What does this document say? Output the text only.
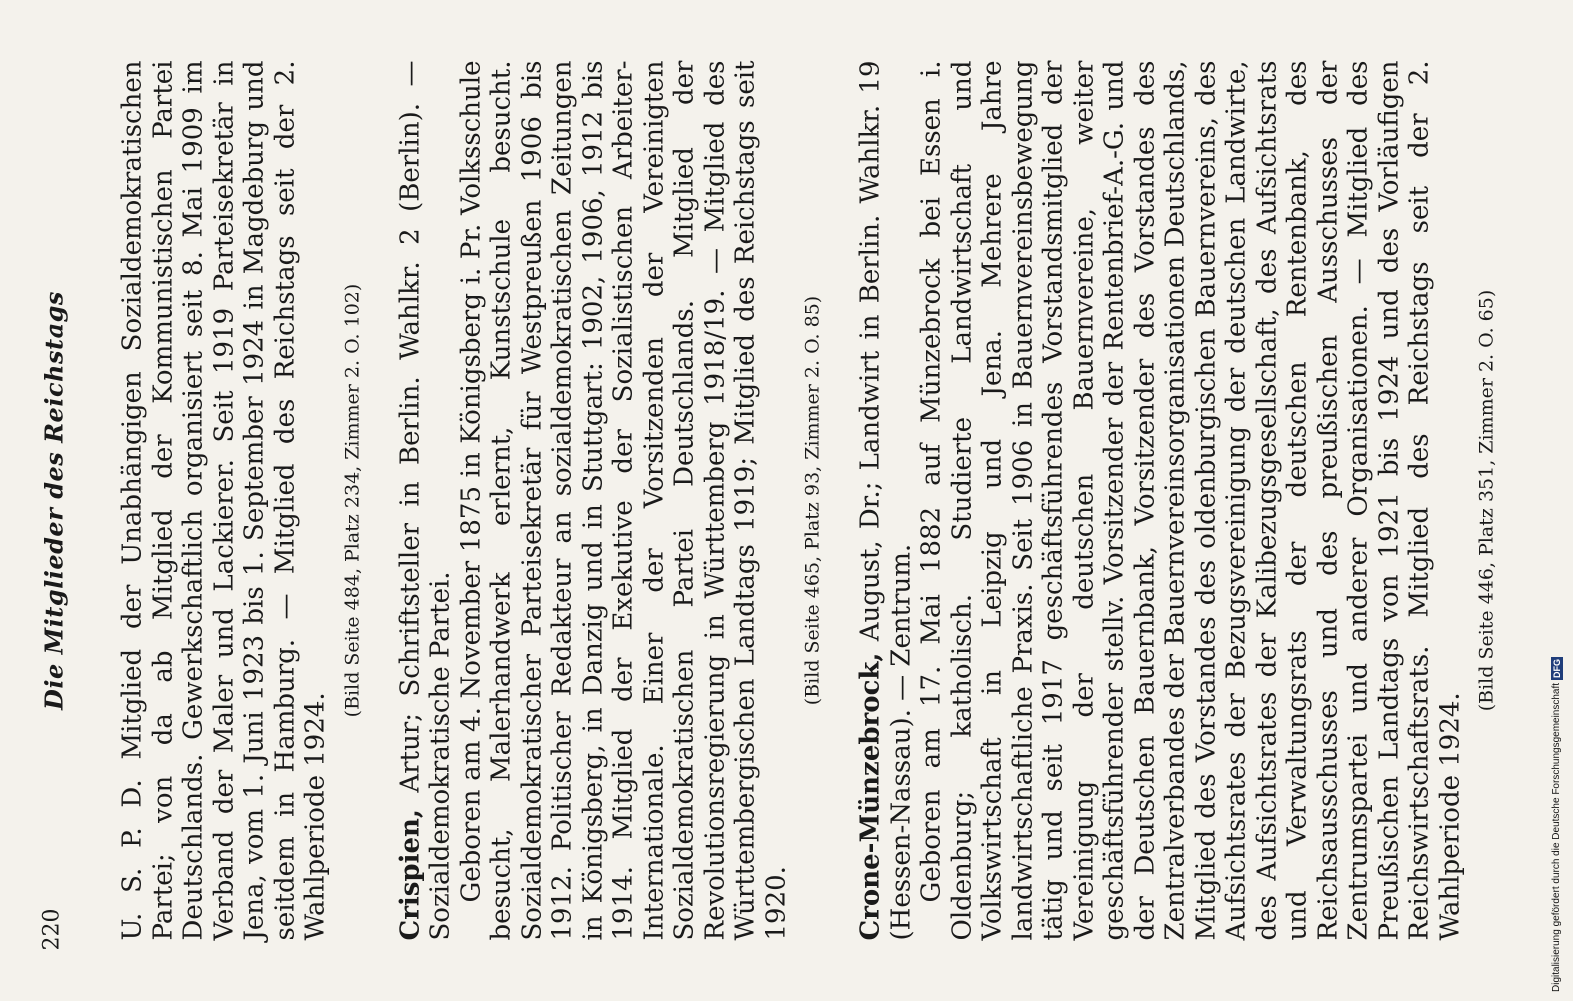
220
Die Mitglieder des Reichstags U. S. P. D. Mitglied der Unabhängigen Sozialdemokratischen Partei; von da ab Mitglied der Kommunistischen Partei Deutschlands. Gewerkschaftlich organisiert seit 8. Mai 1909 im Verband der Maler und Lackierer. Seit 1919 Parteisekretär in Jena, vom 1. Juni 1923 bis 1. September 1924 in Magdeburg und seitdem in Hamburg. — Mitglied des Reichstags seit der 2. Wahlperiode 1924.

(Bild Seite 484, Platz 234, Zimmer 2. O. 102)

Crispien, Artur; Schriftsteller in Berlin. Wahlkr. 2 (Berlin). — Sozialdemokratische Partei. Geboren am 4. November 1875 in Königsberg i. Pr. Volksschule besucht, Malerhandwerk erlernt, Kunstschule besucht. Sozialdemokratischer Parteisekretär für Westpreußen 1906 bis 1912. Politischer Redakteur an sozialdemokratischen Zeitungen in Königsberg, in Danzig und in Stuttgart: 1902, 1906, 1912 bis 1914. Mitglied der Exekutive der Sozialistischen Arbeiter-Internationale. Einer der Vorsitzenden der Vereinigten Sozialdemokratischen Partei Deutschlands. Mitglied der Revolutionsregierung in Württemberg 1918/19. — Mitglied des Württembergischen Landtags 1919; Mitglied des Reichstags seit 1920.

(Bild Seite 465, Platz 93, Zimmer 2. O. 85)

Crone-Münzebrock, August, Dr.; Landwirt in Berlin. Wahlkr. 19 (Hessen-Nassau). — Zentrum. Geboren am 17. Mai 1882 auf Münzebrock bei Essen i. Oldenburg; katholisch. Studierte Landwirtschaft und Volkswirtschaft in Leipzig und Jena. Mehrere Jahre landwirtschaftliche Praxis. Seit 1906 in Bauernvereinsbewegung tätig und seit 1917 geschäftsführendes Vorstandsmitglied der Vereinigung der deutschen Bauernvereine, weiter geschäftsführender stellv. Vorsitzender der Rentenbrief-A.-G. und der Deutschen Bauernbank, Vorsitzender des Vorstandes des Zentralverbandes der Bauernvereinsorganisationen Deutschlands, Mitglied des Vorstandes des oldenburgischen Bauernvereins, des Aufsichtsrates der Bezugsvereinigung der deutschen Landwirte, des Aufsichtsrates der Kalibezugsgesellschaft, des Aufsichtsrats und Verwaltungsrats der deutschen Rentenbank, des Reichsausschusses und des preußischen Ausschusses der Zentrumspartei und anderer Organisationen. — Mitglied des Preußischen Landtags von 1921 bis 1924 und des Vorläufigen Reichswirtschaftsrats. Mitglied des Reichstags seit der 2. Wahlperiode 1924.

(Bild Seite 446, Platz 351, Zimmer 2. O. 65)

Digitalisierung gefördert durch die Deutsche Forschungsgemeinschaft DFG
